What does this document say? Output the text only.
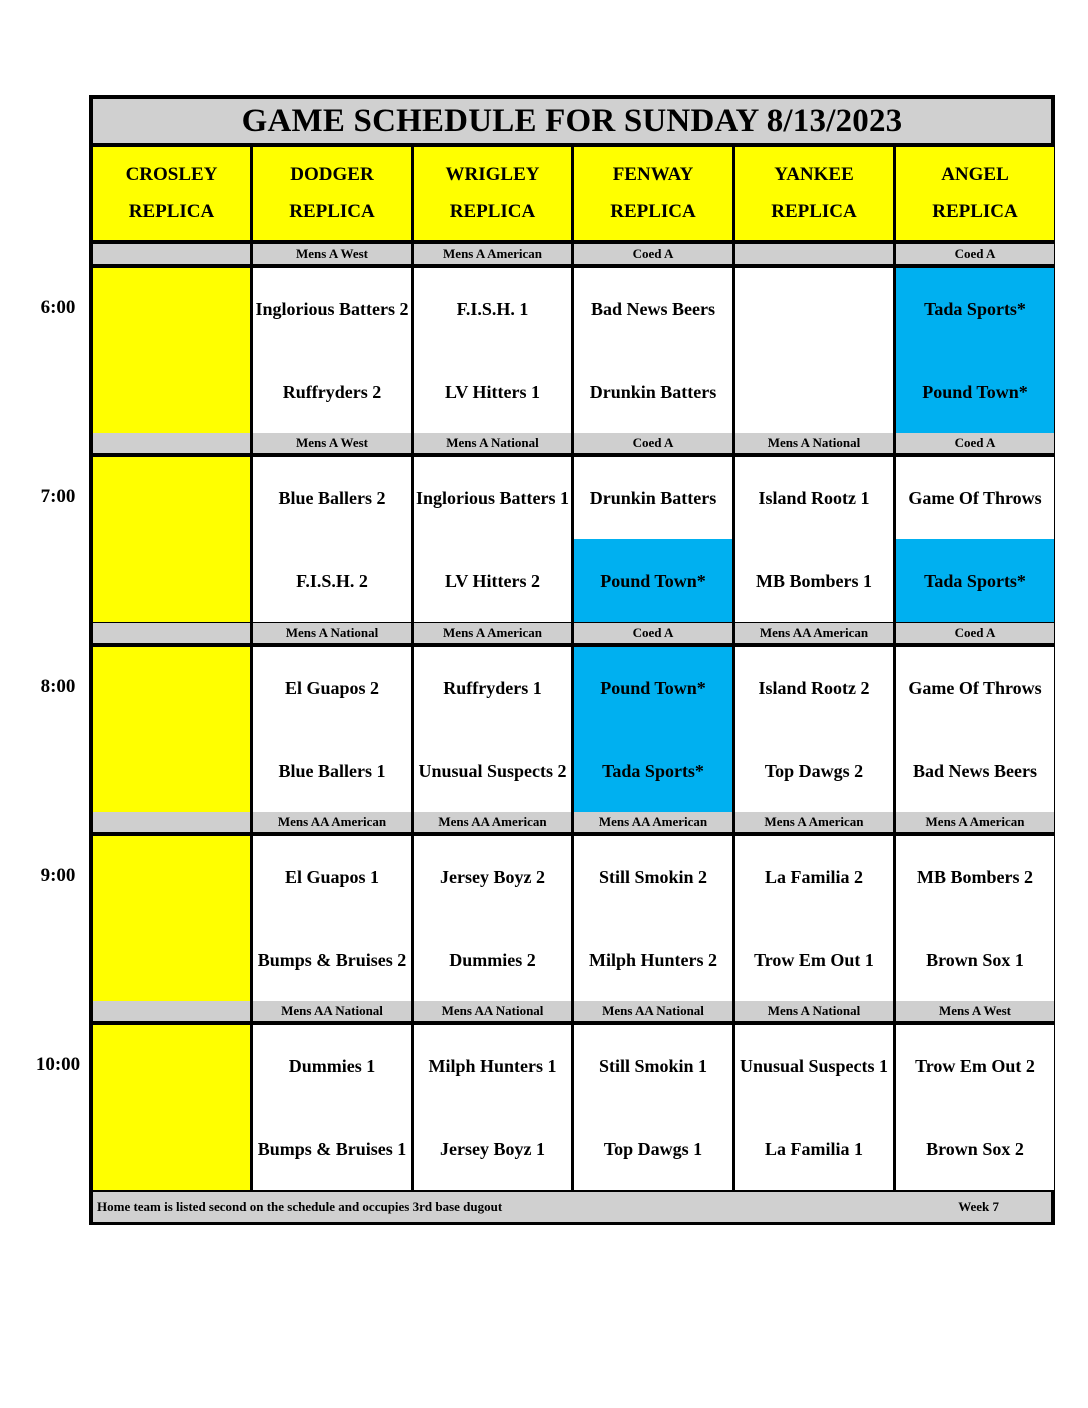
GAME SCHEDULE FOR SUNDAY 8/13/2023
CROSLEY
REPLICA
DODGER
REPLICA
WRIGLEY
REPLICA
FENWAY
REPLICA
YANKEE
REPLICA
ANGEL
REPLICA
Mens A West
Inglorious Batters 2
Ruffryders 2
Mens A American
F.I.S.H. 1
LV Hitters 1
Coed A
Bad News Beers
Drunkin Batters
Coed A
Tada Sports*
Pound Town*
Mens A West
Blue Ballers 2
F.I.S.H. 2
Mens A National
Inglorious Batters 1
LV Hitters 2
Coed A
Drunkin Batters
Pound Town*
Mens A National
Island Rootz 1
MB Bombers 1
Coed A
Game Of Throws
Tada Sports*
Mens A National
El Guapos 2
Blue Ballers 1
Mens A American
Ruffryders 1
Unusual Suspects 2
Coed A
Pound Town*
Tada Sports*
Mens AA American
Island Rootz 2
Top Dawgs 2
Coed A
Game Of Throws
Bad News Beers
Mens AA American
El Guapos 1
Bumps & Bruises 2
Mens AA American
Jersey Boyz 2
Dummies 2
Mens AA American
Still Smokin 2
Milph Hunters 2
Mens A American
La Familia 2
Trow Em Out 1
Mens A American
MB Bombers 2
Brown Sox 1
Mens AA National
Dummies 1
Bumps & Bruises 1
Mens AA National
Milph Hunters 1
Jersey Boyz 1
Mens AA National
Still Smokin 1
Top Dawgs 1
Mens A National
Unusual Suspects 1
La Familia 1
Mens A West
Trow Em Out 2
Brown Sox 2
Home team is listed second on the schedule and occupies 3rd base dugout	Week 7
6:00
7:00
8:00
9:00
10:00
